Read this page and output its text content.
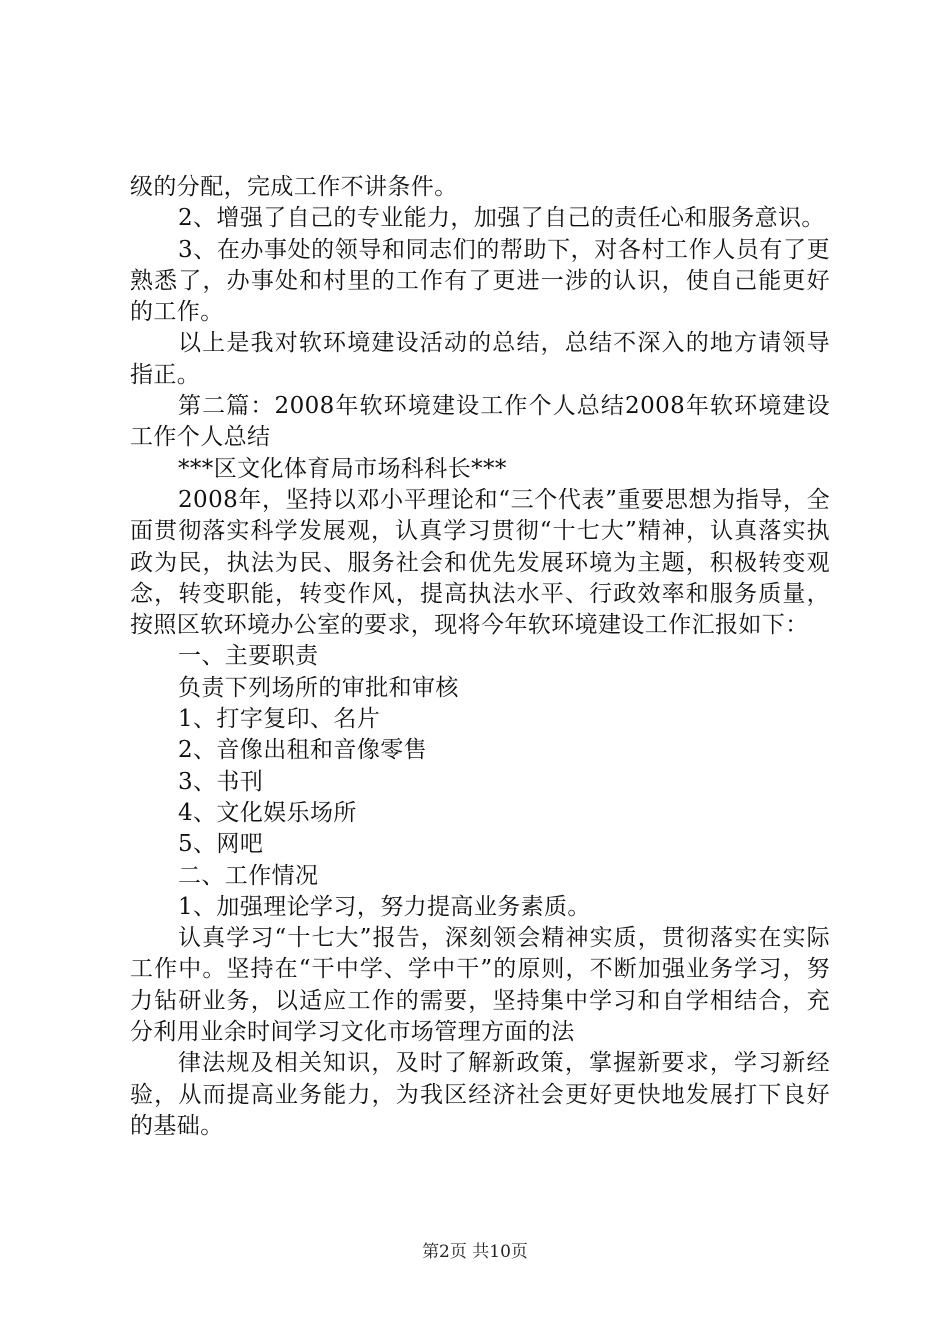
级的分配，完成工作不讲条件。

2、增强了自己的专业能力，加强了自己的责任心和服务意识。

3、在办事处的领导和同志们的帮助下，对各村工作人员有了更熟悉了，办事处和村里的工作有了更进一涉的认识，使自己能更好的工作。

以上是我对软环境建设活动的总结，总结不深入的地方请领导指正。

第二篇：2008年软环境建设工作个人总结2008年软环境建设工作个人总结

***区文化体育局市场科科长***

2008年，坚持以邓小平理论和“三个代表”重要思想为指导，全面贯彻落实科学发展观，认真学习贯彻“十七大”精神，认真落实执政为民，执法为民、服务社会和优先发展环境为主题，积极转变观念，转变职能，转变作风，提高执法水平、行政效率和服务质量，按照区软环境办公室的要求，现将今年软环境建设工作汇报如下：

一、主要职责

负责下列场所的审批和审核

1、打字复印、名片

2、音像出租和音像零售

3、书刊

4、文化娱乐场所

5、网吧

二、工作情况

1、加强理论学习，努力提高业务素质。

认真学习“十七大”报告，深刻领会精神实质，贯彻落实在实际工作中。坚持在“干中学、学中干”的原则，不断加强业务学习，努力钻研业务，以适应工作的需要，坚持集中学习和自学相结合，充分利用业余时间学习文化市场管理方面的法

律法规及相关知识，及时了解新政策，掌握新要求，学习新经验，从而提高业务能力，为我区经济社会更好更快地发展打下良好的基础。

第2页 共10页
